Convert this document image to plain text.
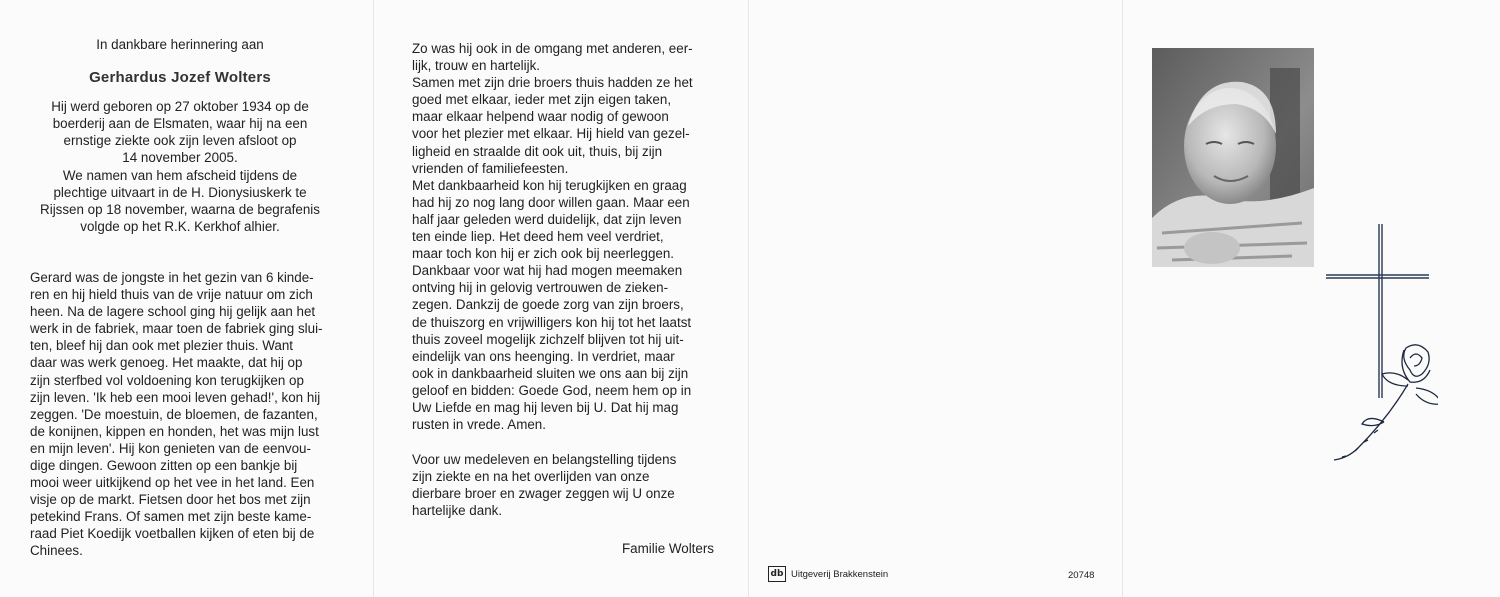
In dankbare herinnering aan
Gerhardus Jozef Wolters

Hij werd geboren op 27 oktober 1934 op de

boerderij aan de Elsmaten, waar hij na een

ernstige ziekte ook zijn leven afsloot op

14 november 2005.

We namen van hem afscheid tijdens de

plechtige uitvaart in de H. Dionysiuskerk te

Rijssen op 18 november, waarna de begrafenis

volgde op het R.K. Kerkhof alhier.

Gerard was de jongste in het gezin van 6 kinde-

ren en hij hield thuis van de vrije natuur om zich

heen. Na de lagere school ging hij gelijk aan het

werk in de fabriek, maar toen de fabriek ging slui-

ten, bleef hij dan ook met plezier thuis. Want

daar was werk genoeg. Het maakte, dat hij op

zijn sterfbed vol voldoening kon terugkijken op

zijn leven. 'Ik heb een mooi leven gehad!', kon hij

zeggen. 'De moestuin, de bloemen, de fazanten,

de konijnen, kippen en honden, het was mijn lust

en mijn leven'. Hij kon genieten van de eenvou-

dige dingen. Gewoon zitten op een bankje bij

mooi weer uitkijkend op het vee in het land. Een

visje op de markt. Fietsen door het bos met zijn

petekind Frans. Of samen met zijn beste kame-

raad Piet Koedijk voetballen kijken of eten bij de

Chinees.

Zo was hij ook in de omgang met anderen, eer-

lijk, trouw en hartelijk.

Samen met zijn drie broers thuis hadden ze het

goed met elkaar, ieder met zijn eigen taken,

maar elkaar helpend waar nodig of gewoon

voor het plezier met elkaar. Hij hield van gezel-

ligheid en straalde dit ook uit, thuis, bij zijn

vrienden of familiefeesten.

Met dankbaarheid kon hij terugkijken en graag

had hij zo nog lang door willen gaan. Maar een

half jaar geleden werd duidelijk, dat zijn leven

ten einde liep. Het deed hem veel verdriet,

maar toch kon hij er zich ook bij neerleggen.

Dankbaar voor wat hij had mogen meemaken

ontving hij in gelovig vertrouwen de zieken-

zegen. Dankzij de goede zorg van zijn broers,

de thuiszorg en vrijwilligers kon hij tot het laatst

thuis zoveel mogelijk zichzelf blijven tot hij uit-

eindelijk van ons heenging. In verdriet, maar

ook in dankbaarheid sluiten we ons aan bij zijn

geloof en bidden: Goede God, neem hem op in

Uw Liefde en mag hij leven bij U. Dat hij mag

rusten in vrede. Amen.

Voor uw medeleven en belangstelling tijdens

zijn ziekte en na het overlijden van onze

dierbare broer en zwager zeggen wij U onze

hartelijke dank.

Familie Wolters
db Uitgeverij Brakkenstein	20748
